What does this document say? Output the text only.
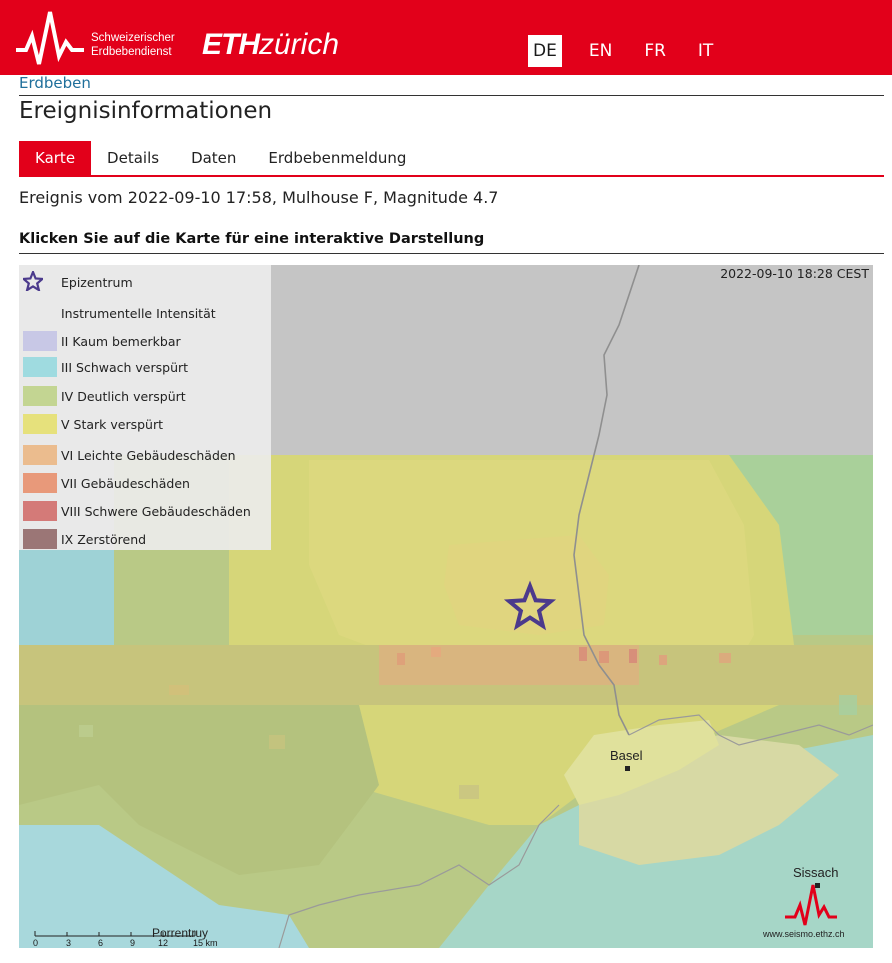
Schweizerischer
Erdbebendienst ETHzürich	DE EN FR IT
Erdbeben
Ereignisinformationen
Karte	Details	Daten	Erdbebenmeldung
Ereignis vom 2022-09-10 17:58, Mulhouse F, Magnitude 4.7
Klicken Sie auf die Karte für eine interaktive Darstellung
Epizentrum
Instrumentelle Intensität
II Kaum bemerkbar
III Schwach verspürt
IV Deutlich verspürt
V Stark verspürt
VI Leichte Gebäudeschäden
VII Gebäudeschäden
VIII Schwere Gebäudeschäden
IX Zerstörend
2022-09-10 18:28 CEST
Basel
Sissach
Porrentruy
0	3	6	9	12	15 km
www.seismo.ethz.ch
